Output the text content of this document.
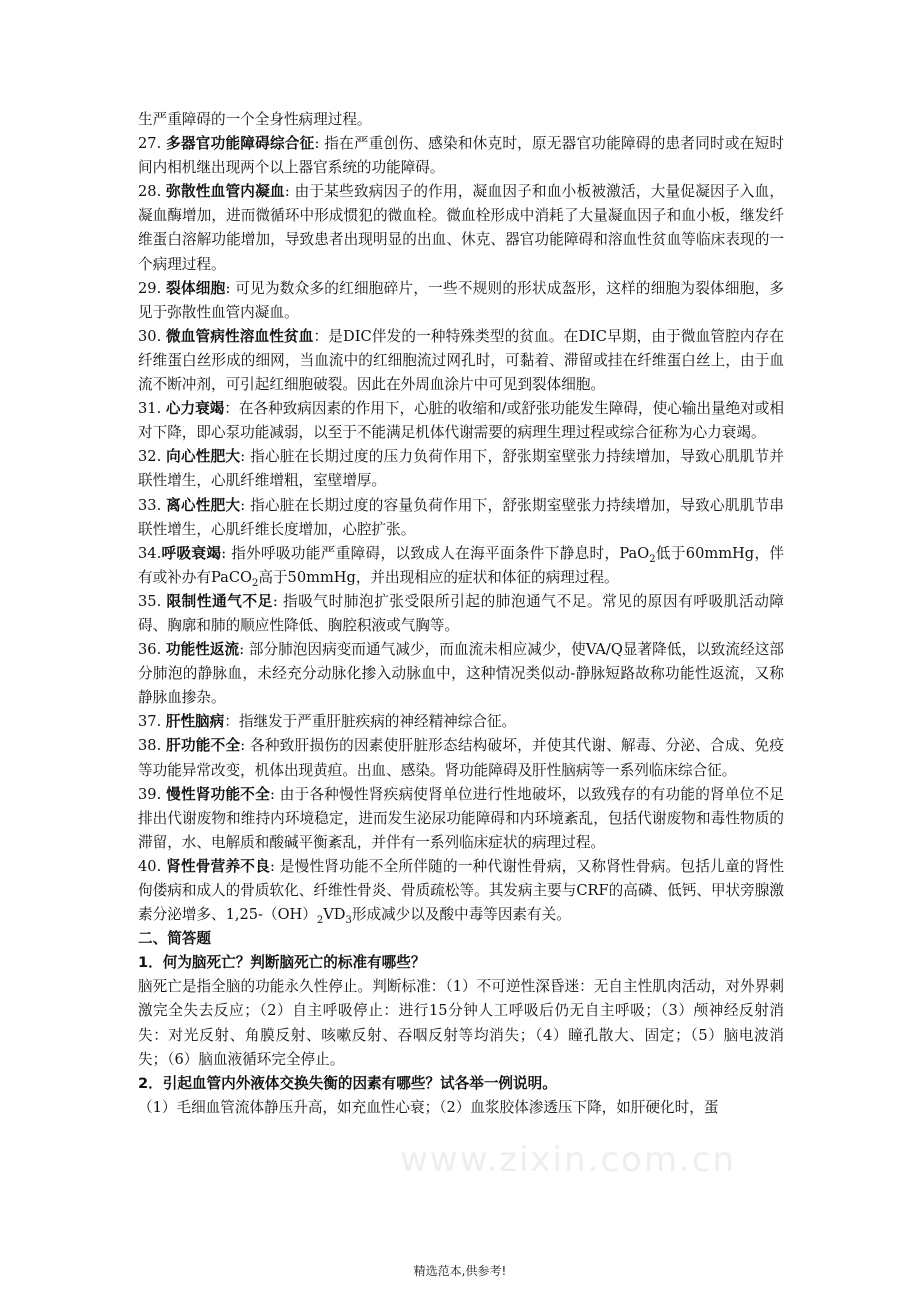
www.zixin.com.cn

生严重障碍的一个全身性病理过程。

27. 多器官功能障碍综合征: 指在严重创伤、感染和休克时，原无器官功能障碍的患者同时或在短时间内相机继出现两个以上器官系统的功能障碍。

28. 弥散性血管内凝血: 由于某些致病因子的作用，凝血因子和血小板被激活，大量促凝因子入血，凝血酶增加，进而微循环中形成惯犯的微血栓。微血栓形成中消耗了大量凝血因子和血小板，继发纤维蛋白溶解功能增加，导致患者出现明显的出血、休克、器官功能障碍和溶血性贫血等临床表现的一个病理过程。

29. 裂体细胞: 可见为数众多的红细胞碎片，一些不规则的形状成盔形，这样的细胞为裂体细胞，多见于弥散性血管内凝血。

30. 微血管病性溶血性贫血：是DIC伴发的一种特殊类型的贫血。在DIC早期，由于微血管腔内存在纤维蛋白丝形成的细网，当血流中的红细胞流过网孔时，可黏着、滞留或挂在纤维蛋白丝上，由于血流不断冲剂，可引起红细胞破裂。因此在外周血涂片中可见到裂体细胞。

31. 心力衰竭：在各种致病因素的作用下，心脏的收缩和/或舒张功能发生障碍，使心输出量绝对或相对下降，即心泵功能减弱，以至于不能满足机体代谢需要的病理生理过程或综合征称为心力衰竭。

32. 向心性肥大: 指心脏在长期过度的压力负荷作用下，舒张期室壁张力持续增加，导致心肌肌节并联性增生，心肌纤维增粗，室壁增厚。

33. 离心性肥大: 指心脏在长期过度的容量负荷作用下，舒张期室壁张力持续增加，导致心肌肌节串联性增生，心肌纤维长度增加，心腔扩张。

34.呼吸衰竭: 指外呼吸功能严重障碍，以致成人在海平面条件下静息时，PaO$_2$低于60mmHg，伴有或补办有PaCO$_2$高于50mmHg，并出现相应的症状和体征的病理过程。

35. 限制性通气不足: 指吸气时肺泡扩张受限所引起的肺泡通气不足。常见的原因有呼吸肌活动障碍、胸廓和肺的顺应性降低、胸腔积液或气胸等。

36. 功能性返流: 部分肺泡因病变而通气减少，而血流未相应减少，使VA/Q显著降低，以致流经这部分肺泡的静脉血，未经充分动脉化掺入动脉血中，这种情况类似动-静脉短路故称功能性返流，又称静脉血掺杂。

37. 肝性脑病：指继发于严重肝脏疾病的神经精神综合征。

38. 肝功能不全: 各种致肝损伤的因素使肝脏形态结构破坏，并使其代谢、解毒、分泌、合成、免疫等功能异常改变，机体出现黄疸。出血、感染。肾功能障碍及肝性脑病等一系列临床综合征。

39. 慢性肾功能不全: 由于各种慢性肾疾病使肾单位进行性地破坏，以致残存的有功能的肾单位不足排出代谢废物和维持内环境稳定，进而发生泌尿功能障碍和内环境紊乱，包括代谢废物和毒性物质的滞留，水、电解质和酸碱平衡紊乱，并伴有一系列临床症状的病理过程。

40. 肾性骨营养不良: 是慢性肾功能不全所伴随的一种代谢性骨病，又称肾性骨病。包括儿童的肾性佝偻病和成人的骨质软化、纤维性骨炎、骨质疏松等。其发病主要与CRF的高磷、低钙、甲状旁腺激素分泌增多、$1,25-(OH)_2VD_3$形成减少以及酸中毒等因素有关。

二、简答题

1．何为脑死亡？判断脑死亡的标准有哪些？

脑死亡是指全脑的功能永久性停止。判断标准：（1）不可逆性深昏迷：无自主性肌肉活动，对外界刺激完全失去反应；（2）自主呼吸停止：进行15分钟人工呼吸后仍无自主呼吸；（3）颅神经反射消失：对光反射、角膜反射、咳嗽反射、吞咽反射等均消失；（4）瞳孔散大、固定；（5）脑电波消失；（6）脑血液循环完全停止。

2．引起血管内外液体交换失衡的因素有哪些？试各举一例说明。

（1）毛细血管流体静压升高，如充血性心衰；（2）血浆胶体渗透压下降，如肝硬化时，蛋

精选范本,供参考!
